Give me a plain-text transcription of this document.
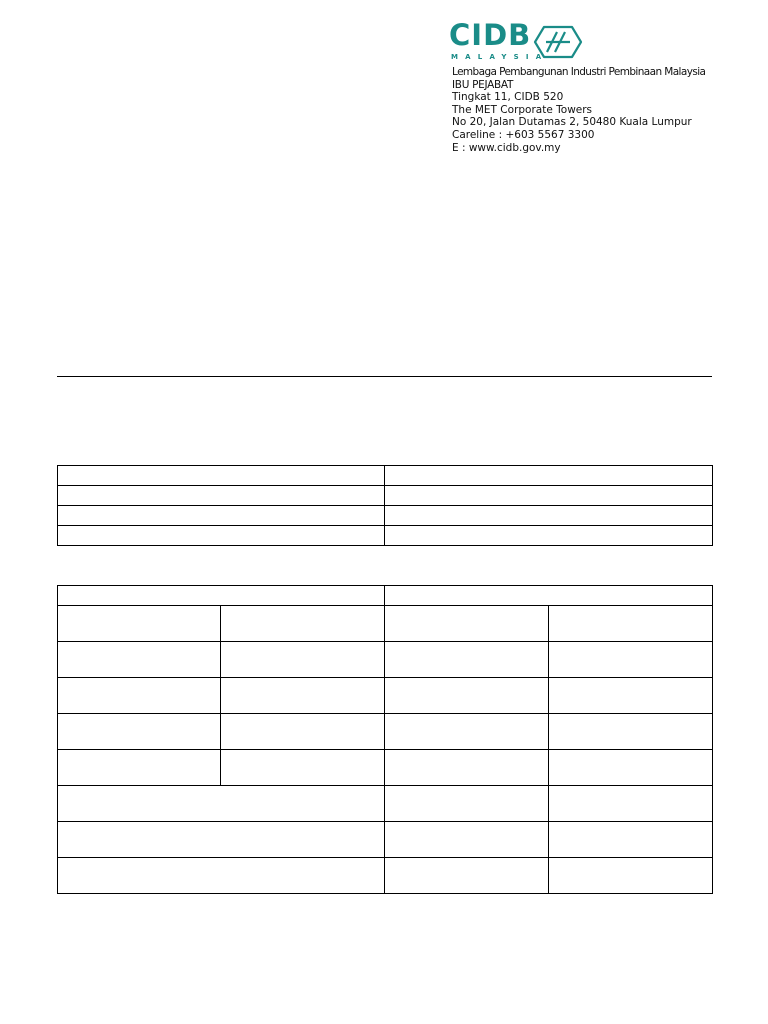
CIDB
MALAYSIA
Lembaga Pembangunan Industri Pembinaan Malaysia
IBU PEJABAT
Tingkat 11, CIDB 520
The MET Corporate Towers
No 20, Jalan Dutamas 2, 50480 Kuala Lumpur
Careline : +603 5567 3300
E : www.cidb.gov.my
